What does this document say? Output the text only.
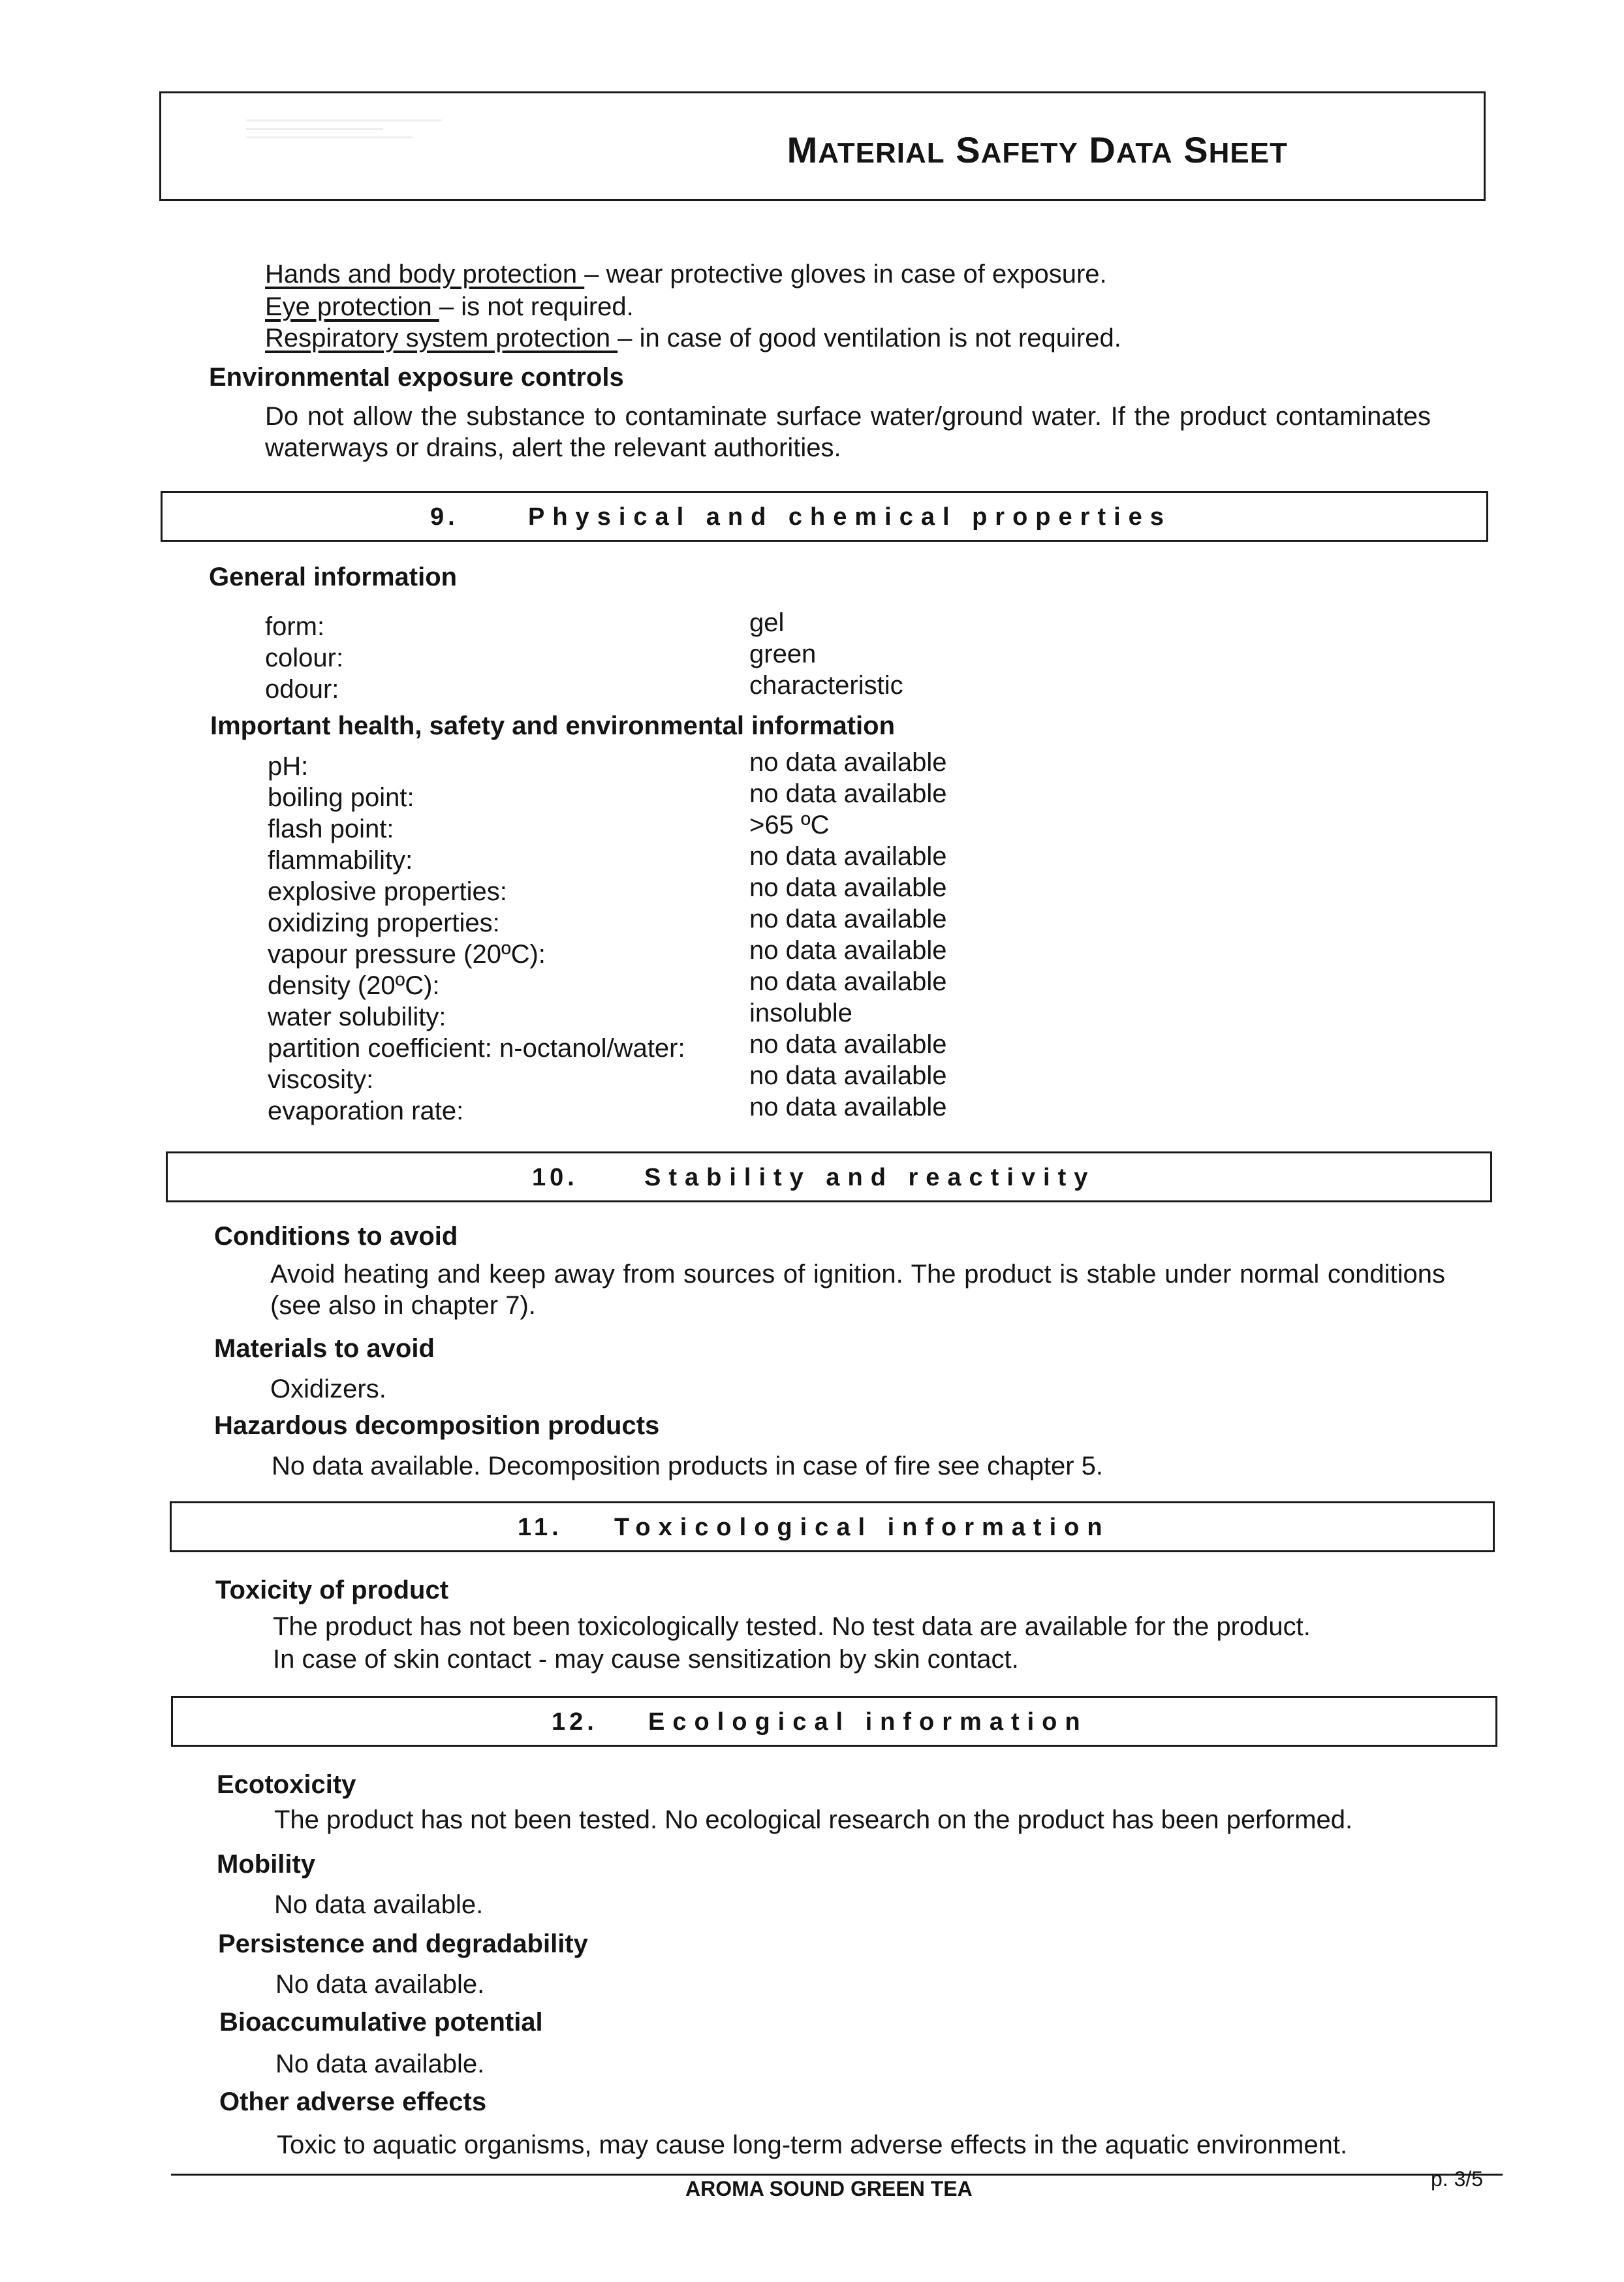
MATERIAL SAFETY DATA SHEET
Hands and body protection – wear protective gloves in case of exposure.
Eye protection – is not required.
Respiratory system protection – in case of good ventilation is not required.
Environmental exposure controls
Do not allow the substance to contaminate surface water/ground water. If the product contaminates waterways or drains, alert the relevant authorities.
9.	Physical and chemical properties
General information
form:	gel
colour:	green
odour:	characteristic
Important health, safety and environmental information
pH:	no data available
boiling point:	no data available
flash point:	>65 ºC
flammability:	no data available
explosive properties:	no data available
oxidizing properties:	no data available
vapour pressure (20ºC):	no data available
density (20ºC):	no data available
water solubility:	insoluble
partition coefficient: n-octanol/water: no data available
viscosity:	no data available
evaporation rate:	no data available
10.	Stability and reactivity
Conditions to avoid
Avoid heating and keep away from sources of ignition. The product is stable under normal conditions (see also in chapter 7).
Materials to avoid
Oxidizers.
Hazardous decomposition products
No data available. Decomposition products in case of fire see chapter 5.
11. Toxicological information
Toxicity of product
The product has not been toxicologically tested. No test data are available for the product.
In case of skin contact - may cause sensitization by skin contact.
12. Ecological information
Ecotoxicity
The product has not been tested. No ecological research on the product has been performed.
Mobility
No data available.
Persistence and degradability
No data available.
Bioaccumulative potential
No data available.
Other adverse effects
Toxic to aquatic organisms, may cause long-term adverse effects in the aquatic environment.
AROMA SOUND GREEN TEA	p. 3/5
